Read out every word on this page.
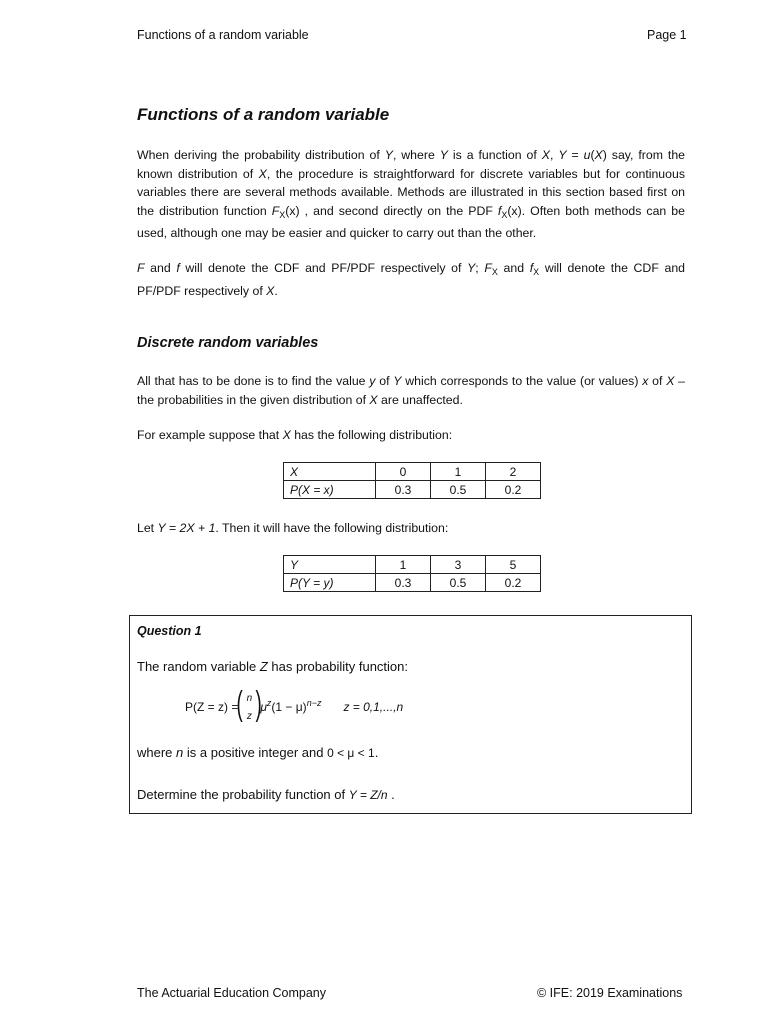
Functions of a random variable	Page 1
Functions of a random variable

When deriving the probability distribution of Y, where Y is a function of X, Y = u(X) say, from the known distribution of X, the procedure is straightforward for discrete variables but for continuous variables there are several methods available. Methods are illustrated in this section based first on the distribution function $F_X(x)$ , and second directly on the PDF $f_X(x)$. Often both methods can be used, although one may be easier and quicker to carry out than the other.

F and f will denote the CDF and PF/PDF respectively of Y; $F_X$ and $f_X$ will denote the CDF and PF/PDF respectively of X.

Discrete random variables

All that has to be done is to find the value y of Y which corresponds to the value (or values) x of X – the probabilities in the given distribution of X are unaffected.

For example suppose that X has the following distribution:

X	0	1	2
P(X = x)	0.3	0.5	0.2

Let Y = 2X + 1. Then it will have the following distribution:

Y	1	3	5
P(Y = y)	0.3	0.5	0.2
Question 1
The random variable Z has probability function:
P(Z = z) =
( n
z )
$\mu^z(1 - \mu)^{n-z}$ z = 0,1,...,n
where n is a positive integer and 0 < μ < 1.
Determine the probability function of Y = Z/n .
The Actuarial Education Company	© IFE: 2019 Examinations
